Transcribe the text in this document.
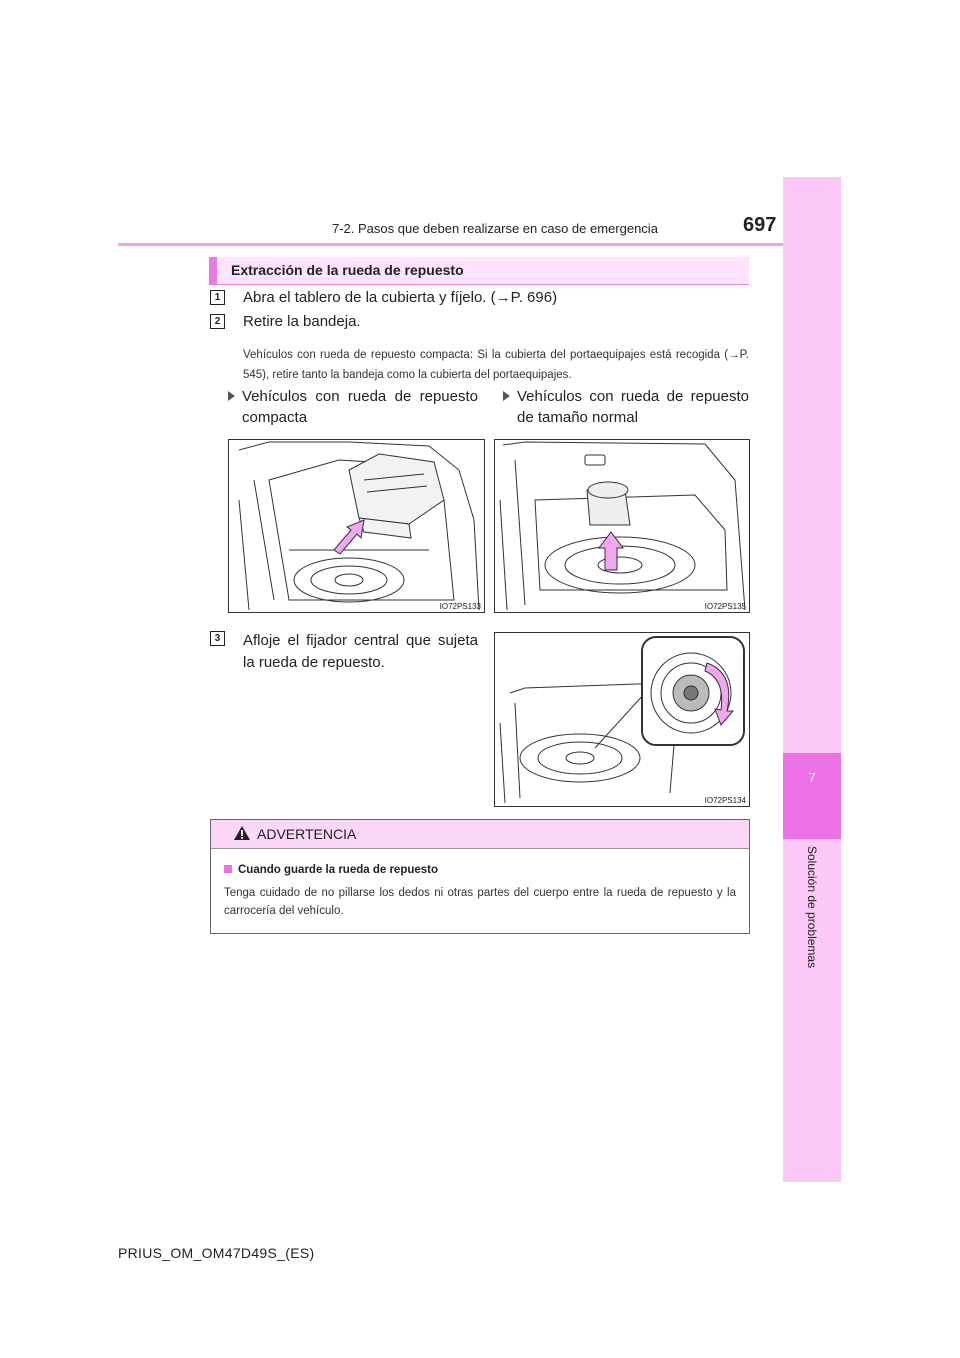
7-2. Pasos que deben realizarse en caso de emergencia	697
7
Solución de problemas
Extracción de la rueda de repuesto
1	Abra el tablero de la cubierta y fíjelo. (→P. 696)
2	Retire la bandeja.
Vehículos con rueda de repuesto compacta: Si la cubierta del portaequipajes está recogida (→P. 545), retire tanto la bandeja como la cubierta del portaequipajes.
Vehículos con rueda de repuesto compacta
Vehículos con rueda de repuesto de tamaño normal
IO72PS133	IO72PS135
3	Afloje el fijador central que sujeta la rueda de repuesto.
IO72PS134
ADVERTENCIA
Cuando guarde la rueda de repuesto
Tenga cuidado de no pillarse los dedos ni otras partes del cuerpo entre la rueda de repuesto y la carrocería del vehículo.
PRIUS_OM_OM47D49S_(ES)
